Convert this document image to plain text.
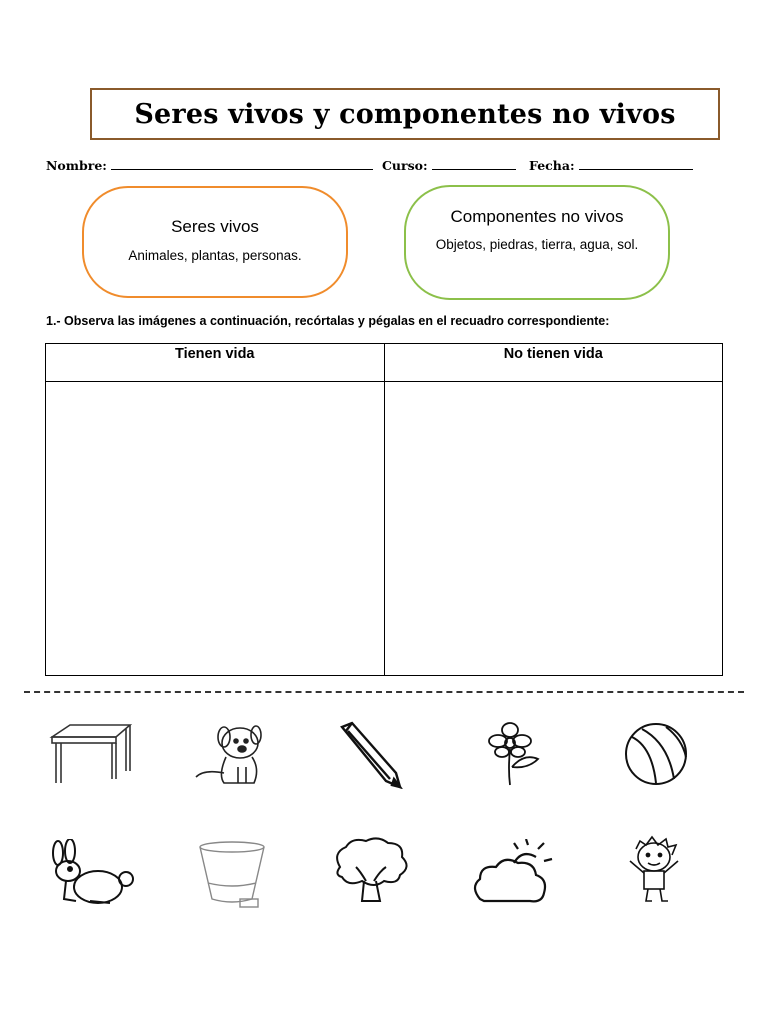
Seres vivos y componentes no vivos
Nombre:	Curso:	Fecha:
Seres vivos
Animales, plantas, personas.
Componentes no vivos
Objetos, piedras, tierra, agua, sol.
1.- Observa las imágenes a continuación, recórtalas y pégalas en el recuadro correspondiente:
Tienen vida	No tienen vida
